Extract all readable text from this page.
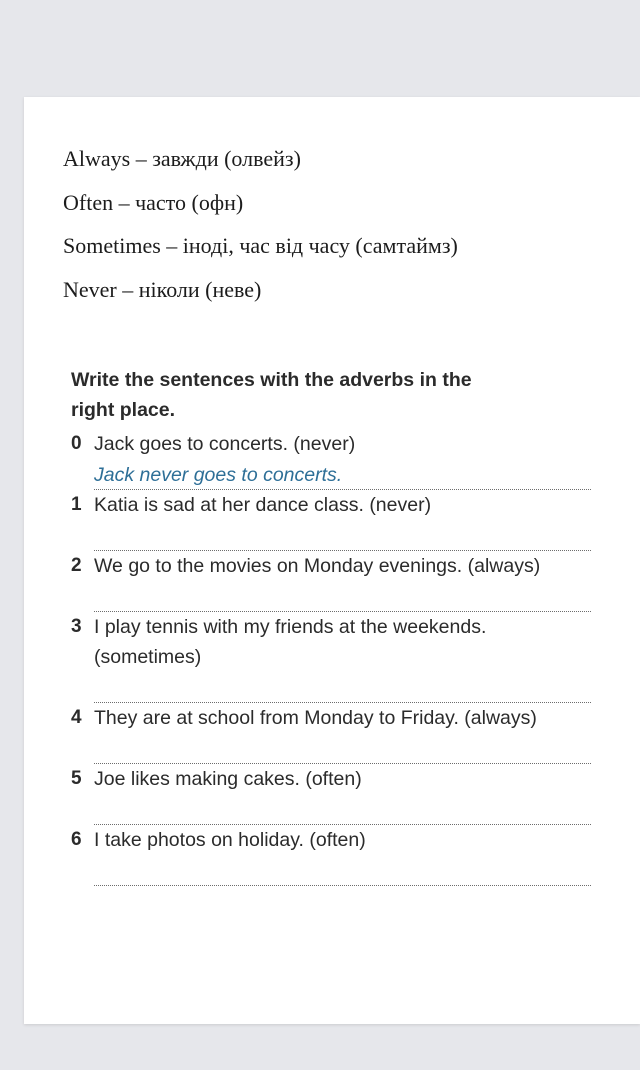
Always – завжди (олвейз)
Often – часто (офн)
Sometimes – іноді, час від часу (самтаймз)
Never – ніколи (неве)
Write the sentences with the adverbs in the
right place.
0 Jack goes to concerts. (never)
Jack never goes to concerts.
1 Katia is sad at her dance class. (never)
2 We go to the movies on Monday evenings. (always)
3 I play tennis with my friends at the weekends.
(sometimes)
4 They are at school from Monday to Friday. (always)
5 Joe likes making cakes. (often)
6 I take photos on holiday. (often)
